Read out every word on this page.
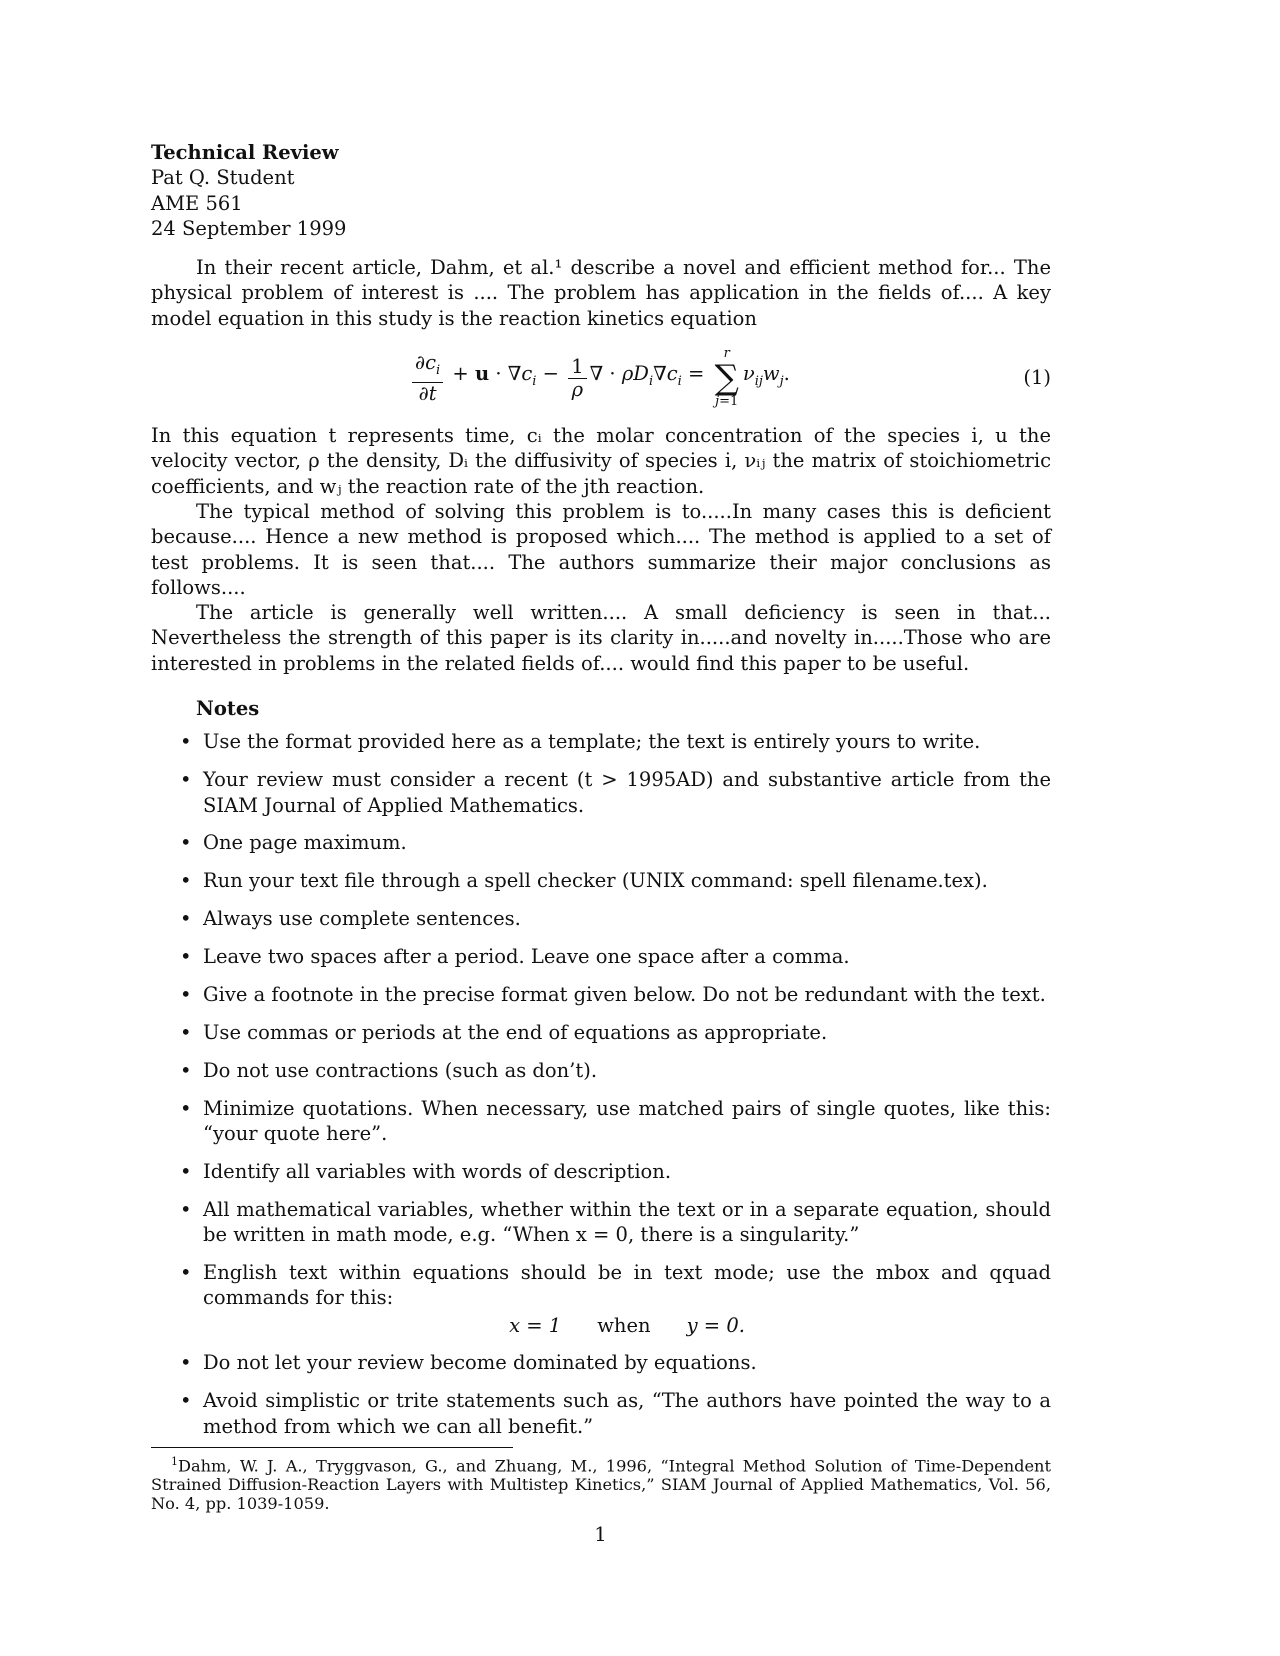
Technical Review
Pat Q. Student
AME 561
24 September 1999

In their recent article, Dahm, et al.¹ describe a novel and efficient method for... The physical problem of interest is .... The problem has application in the fields of.... A key model equation in this study is the reaction kinetics equation

$\frac{\partial c_i}{\partial t} + u \cdot \nabla c_i - \frac{1}{\rho}$ ∇ · $\rho D_i\nabla c_i$ =
r
∑
j=1
$\nu_{ij}w_j$.	(1)

In this equation t represents time, cᵢ the molar concentration of the species i, u the velocity vector, ρ the density, Dᵢ the diffusivity of species i, νᵢⱼ the matrix of stoichiometric coefficients, and wⱼ the reaction rate of the jth reaction.

The typical method of solving this problem is to.....In many cases this is deficient because.... Hence a new method is proposed which.... The method is applied to a set of test problems. It is seen that.... The authors summarize their major conclusions as follows....

The article is generally well written.... A small deficiency is seen in that... Nevertheless the strength of this paper is its clarity in.....and novelty in.....Those who are interested in problems in the related fields of.... would find this paper to be useful.

Notes
• Use the format provided here as a template; the text is entirely yours to write.
• Your review must consider a recent (t > 1995AD) and substantive article from the SIAM Journal of Applied Mathematics.
• One page maximum.
• Run your text file through a spell checker (UNIX command: spell filename.tex).
• Always use complete sentences.
• Leave two spaces after a period. Leave one space after a comma.
• Give a footnote in the precise format given below. Do not be redundant with the text.
• Use commas or periods at the end of equations as appropriate.
• Do not use contractions (such as don’t).
• Minimize quotations. When necessary, use matched pairs of single quotes, like this: “your quote here”.
• Identify all variables with words of description.
• All mathematical variables, whether within the text or in a separate equation, should be written in math mode, e.g. “When x = 0, there is a singularity.”
• English text within equations should be in text mode; use the mbox and qquad commands for this:
x = 1 when y = 0.
• Do not let your review become dominated by equations.
• Avoid simplistic or trite statements such as, “The authors have pointed the way to a method from which we can all benefit.”
$^1$Dahm, W. J. A., Tryggvason, G., and Zhuang, M., 1996, “Integral Method Solution of Time-Dependent Strained Diffusion-Reaction Layers with Multistep Kinetics,” SIAM Journal of Applied Mathematics, Vol. 56, No. 4, pp. 1039-1059.
1
